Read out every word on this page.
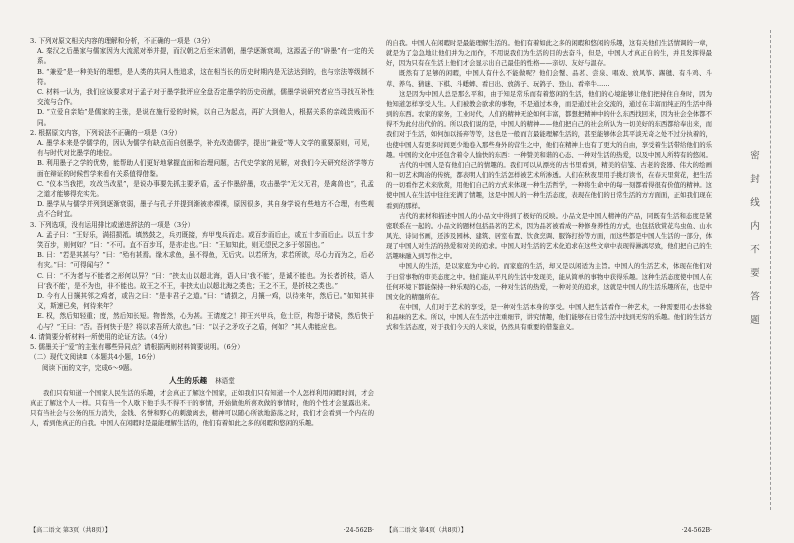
3. 下列对原文相关内容的理解和分析，不正确的一项是（3分）

A. 秦汉之后墨家与儒家因为大流派对举并提，而汉朝之后至宋清朝，墨学逐渐衰竭，这源孟子的“辟墨”有一定的关系。

B. “兼爱”是一种美好的理想，是人类的共同人性追求，这在相当长的历史时期内是无法达到的，也与宗法等级制不符。

C. 材料一认为，我们应该要求对于孟子对于墨学批评应全盘否定墨学的历史贡献，儒墨学说研究者应当寻找互补性交流与合作。

D. “立爱自亲始”是儒家的主张，是说在施行爱的时候，以自己为起点，再扩大到他人，根据关系的亲疏贵贱而不同。

2. 根据原文内容，下列说法不正确的一项是（3分）

A. 墨学本来是学儒学的，因认为儒学有缺点而自创墨学，补充改造儒学，提出“兼爱”等人文学的重要原则，可见，有与时代对比墨学的地位。

B. 利用墨子之学的优势，能帮助人们更好地掌握直面和治理问题，古代史学家的见解，对我们今天研究经济学等方面在辩证的时候哲学来看有关系值得借鉴。

C. “仪本当我把，攻改当改星”，是说办事要先抓主要矛盾，孟子作墨辞墨，攻击墨学“无父无君，是禽兽也”，孔孟之道才能够得充实先。

D. 墨学从与儒学并列到逐渐衰弱，墨子与孔子并提到渐被赤裸裸，原因很多，其自身学说有些地方不合理，有些观点不合时宜。

3. 下列选项，没有运用排比或递进辞法的一项是（3分）

A. 孟子曰：“王好乐，满招损祗。填然鼓之，兵刃既接，弃甲曳兵而走。或百步而后止，或五十步而后止。以五十步笑百步，则何如？”曰：“不可。直不百步耳，是亦走也。”曰：“王如知此，则无望民之多于邻国也。”

B. 曰：“若是其甚与？”曰：“殆有甚焉。缘木求鱼，虽不得鱼，无后灾。以若所为，求若所欲，尽心力而为之，后必有灾。”曰：“可得闻与？”

C. 曰：“不为者与不能者之形何以异？”曰：“挟太山以超北海，语人曰‘我不能’，是诚不能也。为长者折枝，语人曰‘我不能’，是不为也，非不能也。故王之不王，非挟太山以超北海之类也；王之不王，是折枝之类也。”

D. 今有人日攘其邻之鸡者，或告之曰：“是非君子之道。”曰：“请损之，月攘一鸡，以待来年，然后已。”如知其非义，斯速已矣，何待来年？

E. 权，然后知轻重；度，然后知长短。物皆然，心为甚。王请度之！抑王兴甲兵，危士臣，构怨于诸侯，然后快于心与？”王曰：“否。吾何快于是？将以求吾所大欲也。”曰：“以子之矛攻子之盾，何如？”其人弗能应也。

4. 请简要分析材料一所使用的论证方法。（4分）

5. 儒墨关于“爱”的主张有哪些异同点？请根据两则材料简要说明。（6分）

（二）现代文阅读Ⅱ（本题共4小题，16分）

阅读下面的文字，完成6～9题。

人生的乐趣 林语堂

我们只有知道一个国家人民生活的乐趣，才会真正了解这个国家，正如我们只有知道一个人怎样利用闲暇时间，才会真正了解这个人一样。只有当一个人歇下他手头不得不干的事情，开始做他所喜欢做的事情时，他的个性才会显露出来。只有当社会与公务的压力消失，金钱、名誉和野心的刺激离去，精神可以随心所欲地游荡之时，我们才会看到一个内在的人，看到他真正的自我。中国人在闲暇时是最能理解生活的，他们有着如此之多的闲暇和悠闲的乐趣。

【高二语文 第3页（共8页）】	·24-562B·

的自我。中国人在闲暇时是最能理解生活的。他们有着如此之多的闲暇和悠闲的乐趣，这有关他们生活情调的一章，就是为了急急地让他们并为之而作，不用说我们为生活的目的去奋斗，但是，中国人才真正自的生，并且发挥得最好，因为只有在生活上他们才会显示出自己最佳的性格——亲切、友好与温存。

既然有了足够的闲暇，中国人有什么不能做呢？他们会蟹、品茗、尝泉、唱戏、放风筝、踢毽、有斗鸡、斗草、养鸟、猜谜、下棋、斗蟋蟀、看日出、放鸽子、玩鸽子、登山、看牵牛……

这是因为中国人总是那么平和，由于知足常乐而有着悠闲的生活，他们的心境能够让他们把持住自身时，因为他知道怎样享受人生。人们被教会欲求的事物，不是通过本身，而是通过社会交流的，通过在丰富而纯正的生活中得到的东西。农家的家务，工业时代，人们的精神无论如何丰富，都想把精神中的什么东西找回来，因为社会全体都不得不为此付出代价的。所以我们说的是，中国人的精神——他们把自己的社会所认为一切美好的东西都给奉出来，而我们对于生活，如何加以扬弃等等，这也是一般而言最能理解生活的，甚至能够体会其平淡无奇之处不过分执着的，也使中国人有更多时间更少地卷入那些身外的营生之中，他们在精神上也有了更大的自由，享受着生活带给他们的乐趣。中国的文化中还包含着令人愉快的东西：一种赞美和谐的心态、一种对生活的热爱，以及中国人所特有的悠闲。

古代的中国人是有他们自己的情趣的。我们可以从漂亮的古书里看到，精美的信笺、古老的瓷器、伟大的绘画和一切艺术陶冶的传统，都表明人们的生活怎样被艺术所渗透。人们在秋夜里用手挑灯读书，在春天里赏花，把生活的一切看作艺术来欣赏，用他们自己的方式来体现一种生活哲学，一种将生命中的每一刻都看得很有价值的精神。这使中国人在生活中往往充满了情趣，这是中国人的一种生活态度，表现在他们的日常生活的方方面面，正如我们现在看到的那样。

古代的素材和描述中国人的小品文中得到了极好的反映。小品文是中国人精神的产品，同既有生活和态度是紧密联系在一起的。小品文的题材包括品茗的艺术，因为品茗被看成一种修身养性的方式，也包括欣赏花鸟虫鱼、山水风光、诗词书画，还涉及园林、建筑、居室布置、饮食烹调、服饰打扮等方面，而这些都是中国人生活的一部分，体现了中国人对生活的热爱和对美的追求。中国人对生活的艺术化追求在这些文章中表现得淋漓尽致，他们把自己的生活趣味融入到写作之中。

中国人的生活，是以家庭为中心的。而家庭的生活，却又是以闲适为主旨。中国人的生活艺术，体现在他们对于日常事物的审美态度之中。他们能从平凡的生活中发现美，能从简单的事物中获得乐趣。这种生活态度使中国人在任何环境下都能保持一种乐观的心态，一种对生活的热爱，一种对美的追求，这就是中国人的生活乐趣所在，也是中国文化的精髓所在。

在中国，人们对于艺术的享受，是一种对生活本身的享受。中国人把生活看作一种艺术，一种需要用心去体验和品味的艺术。所以，中国人在生活中注重细节，讲究情趣，他们能够在日常生活中找到无穷的乐趣。他们的生活方式和生活态度，对于我们今天的人来说，仍然具有重要的借鉴意义。

【高二语文 第4页（共8页）】	·24-562B·
密封线内不要答题
